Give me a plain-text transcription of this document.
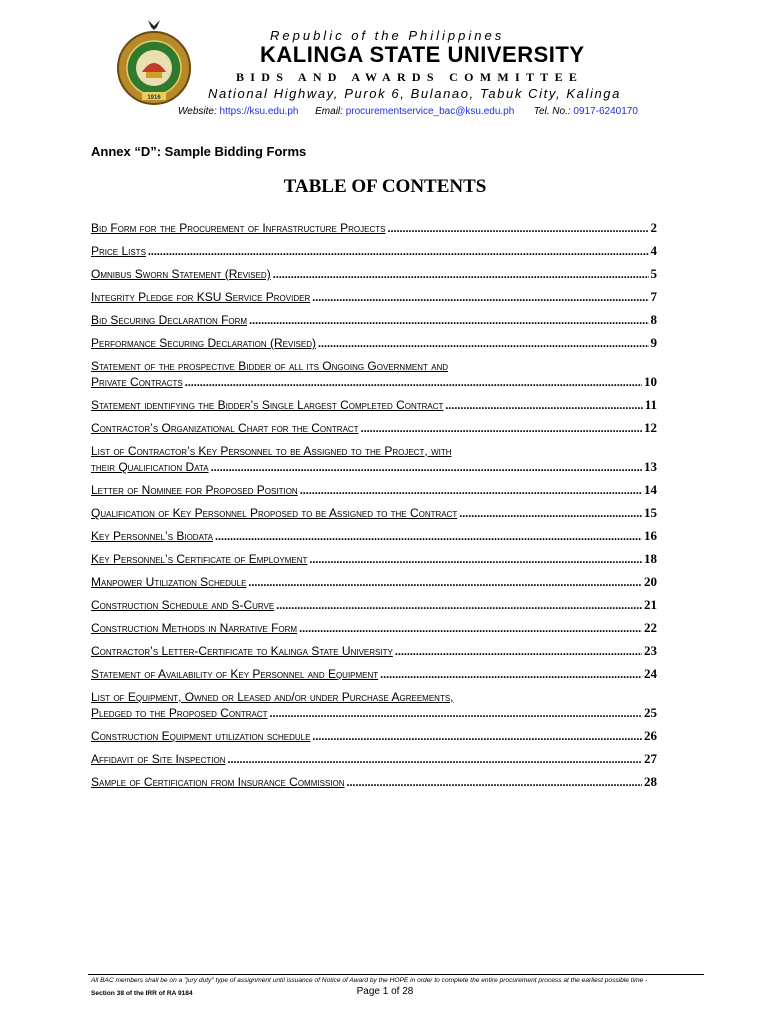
1916
Republic of the Philippines
KALINGA STATE UNIVERSITY
BIDS AND AWARDS COMMITTEE
National Highway, Purok 6, Bulanao, Tabuk City, Kalinga
Website: https://ksu.edu.ph Email: procurementservice_bac@ksu.edu.ph Tel. No.: 0917-6240170
Annex “D”: Sample Bidding Forms
TABLE OF CONTENTS
Bid Form for the Procurement of Infrastructure Projects .....	2
Price Lists .....	4
Omnibus Sworn Statement (Revised) .....	5
Integrity Pledge for KSU Service Provider .....	7
Bid Securing Declaration Form .....	8
Performance Securing Declaration (Revised) .....	9
Statement of the prospective Bidder of all its Ongoing Government and
Private Contracts .....	10
Statement identifying the Bidder’s Single Largest Completed Contract .....	11
Contractor’s Organizational Chart for the Contract .....	12
List of Contractor’s Key Personnel to be Assigned to the Project, with
their Qualification Data .....	13
Letter of Nominee for Proposed Position .....	14
Qualification of Key Personnel Proposed to be Assigned to the Contract .....	15
Key Personnel’s Biodata .....	16
Key Personnel’s Certificate of Employment .....	18
Manpower Utilization Schedule .....	20
Construction Schedule and S-Curve .....	21
Construction Methods in Narrative Form .....	22
Contractor’s Letter-Certificate to Kalinga State University .....	23
Statement of Availability of Key Personnel and Equipment .....	24
List of Equipment, Owned or Leased and/or under Purchase Agreements,
Pledged to the Proposed Contract .....	25
Construction Equipment utilization schedule .....	26
Affidavit of Site Inspection .....	27
Sample of Certification from Insurance Commission .....	28
All BAC members shall be on a "jury duty" type of assignment until issuance of Notice of Award by the HOPE in order to complete the entire procurement process at the earliest possible time -
Section 38 of the IRR of RA 9184	Page 1 of 28
